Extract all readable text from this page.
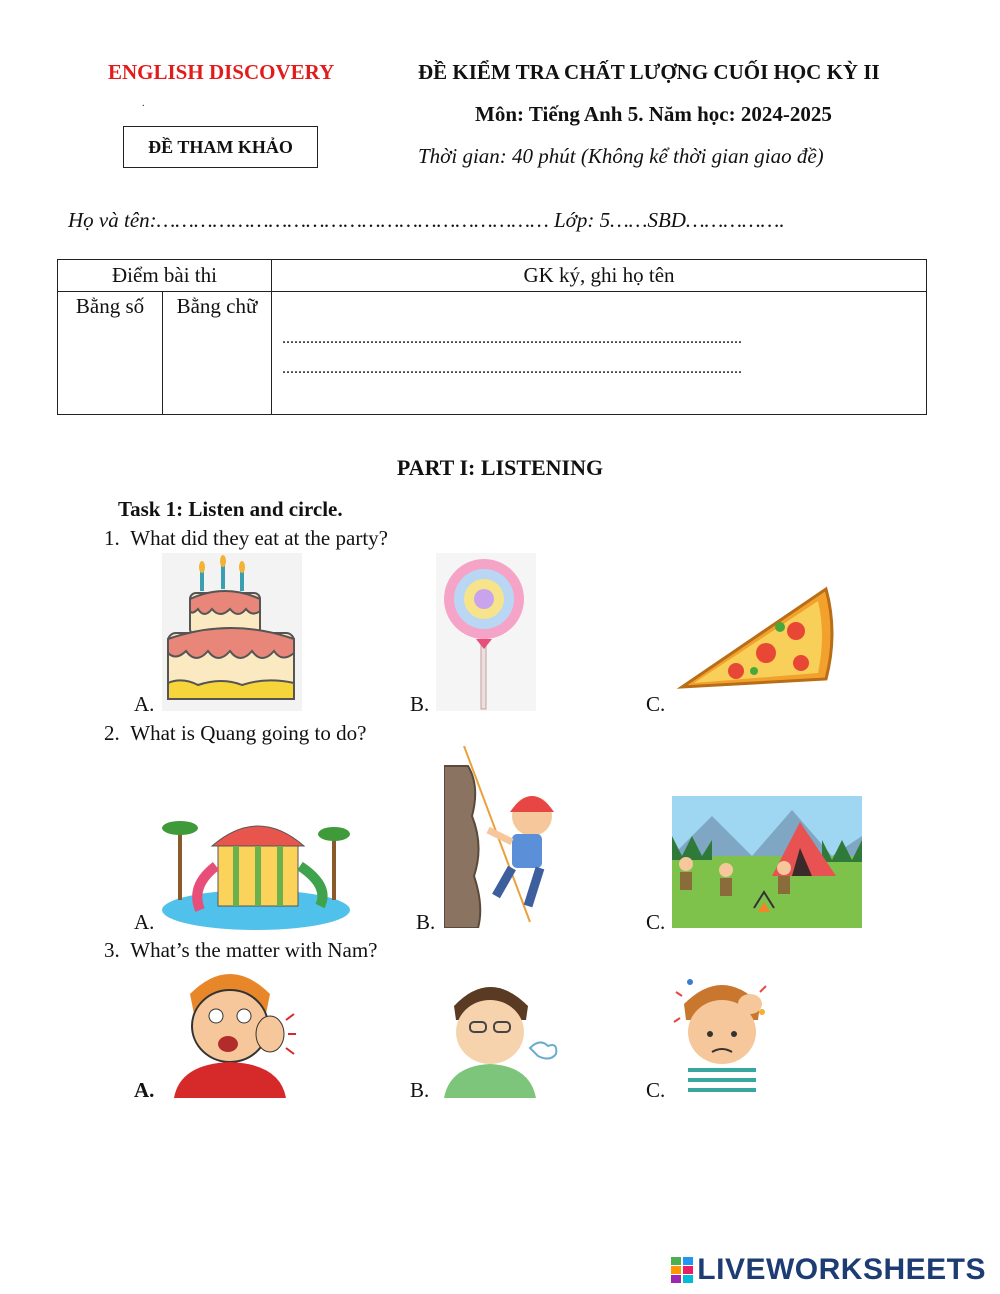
ENGLISH DISCOVERY	ĐỀ KIỂM TRA CHẤT LƯỢNG CUỐI HỌC KỲ II
Môn: Tiếng Anh 5. Năm học: 2024-2025
Thời gian: 40 phút (Không kể thời gian giao đề)
.
ĐỀ THAM KHẢO
Họ và tên:……………………………………………………… Lớp: 5……SBD…………….
Điểm bài thi		GK ký, ghi họ tên
Bằng số	Bằng chữ	...................................................................................................................
...................................................................................................................
PART I: LISTENING
Task 1: Listen and circle.
1. What did they eat at the party?
A.	B.	C.
2. What is Quang going to do?
A.	B.	C.
3. What’s the matter with Nam?
A.	B.	C.
LIVEWORKSHEETS
